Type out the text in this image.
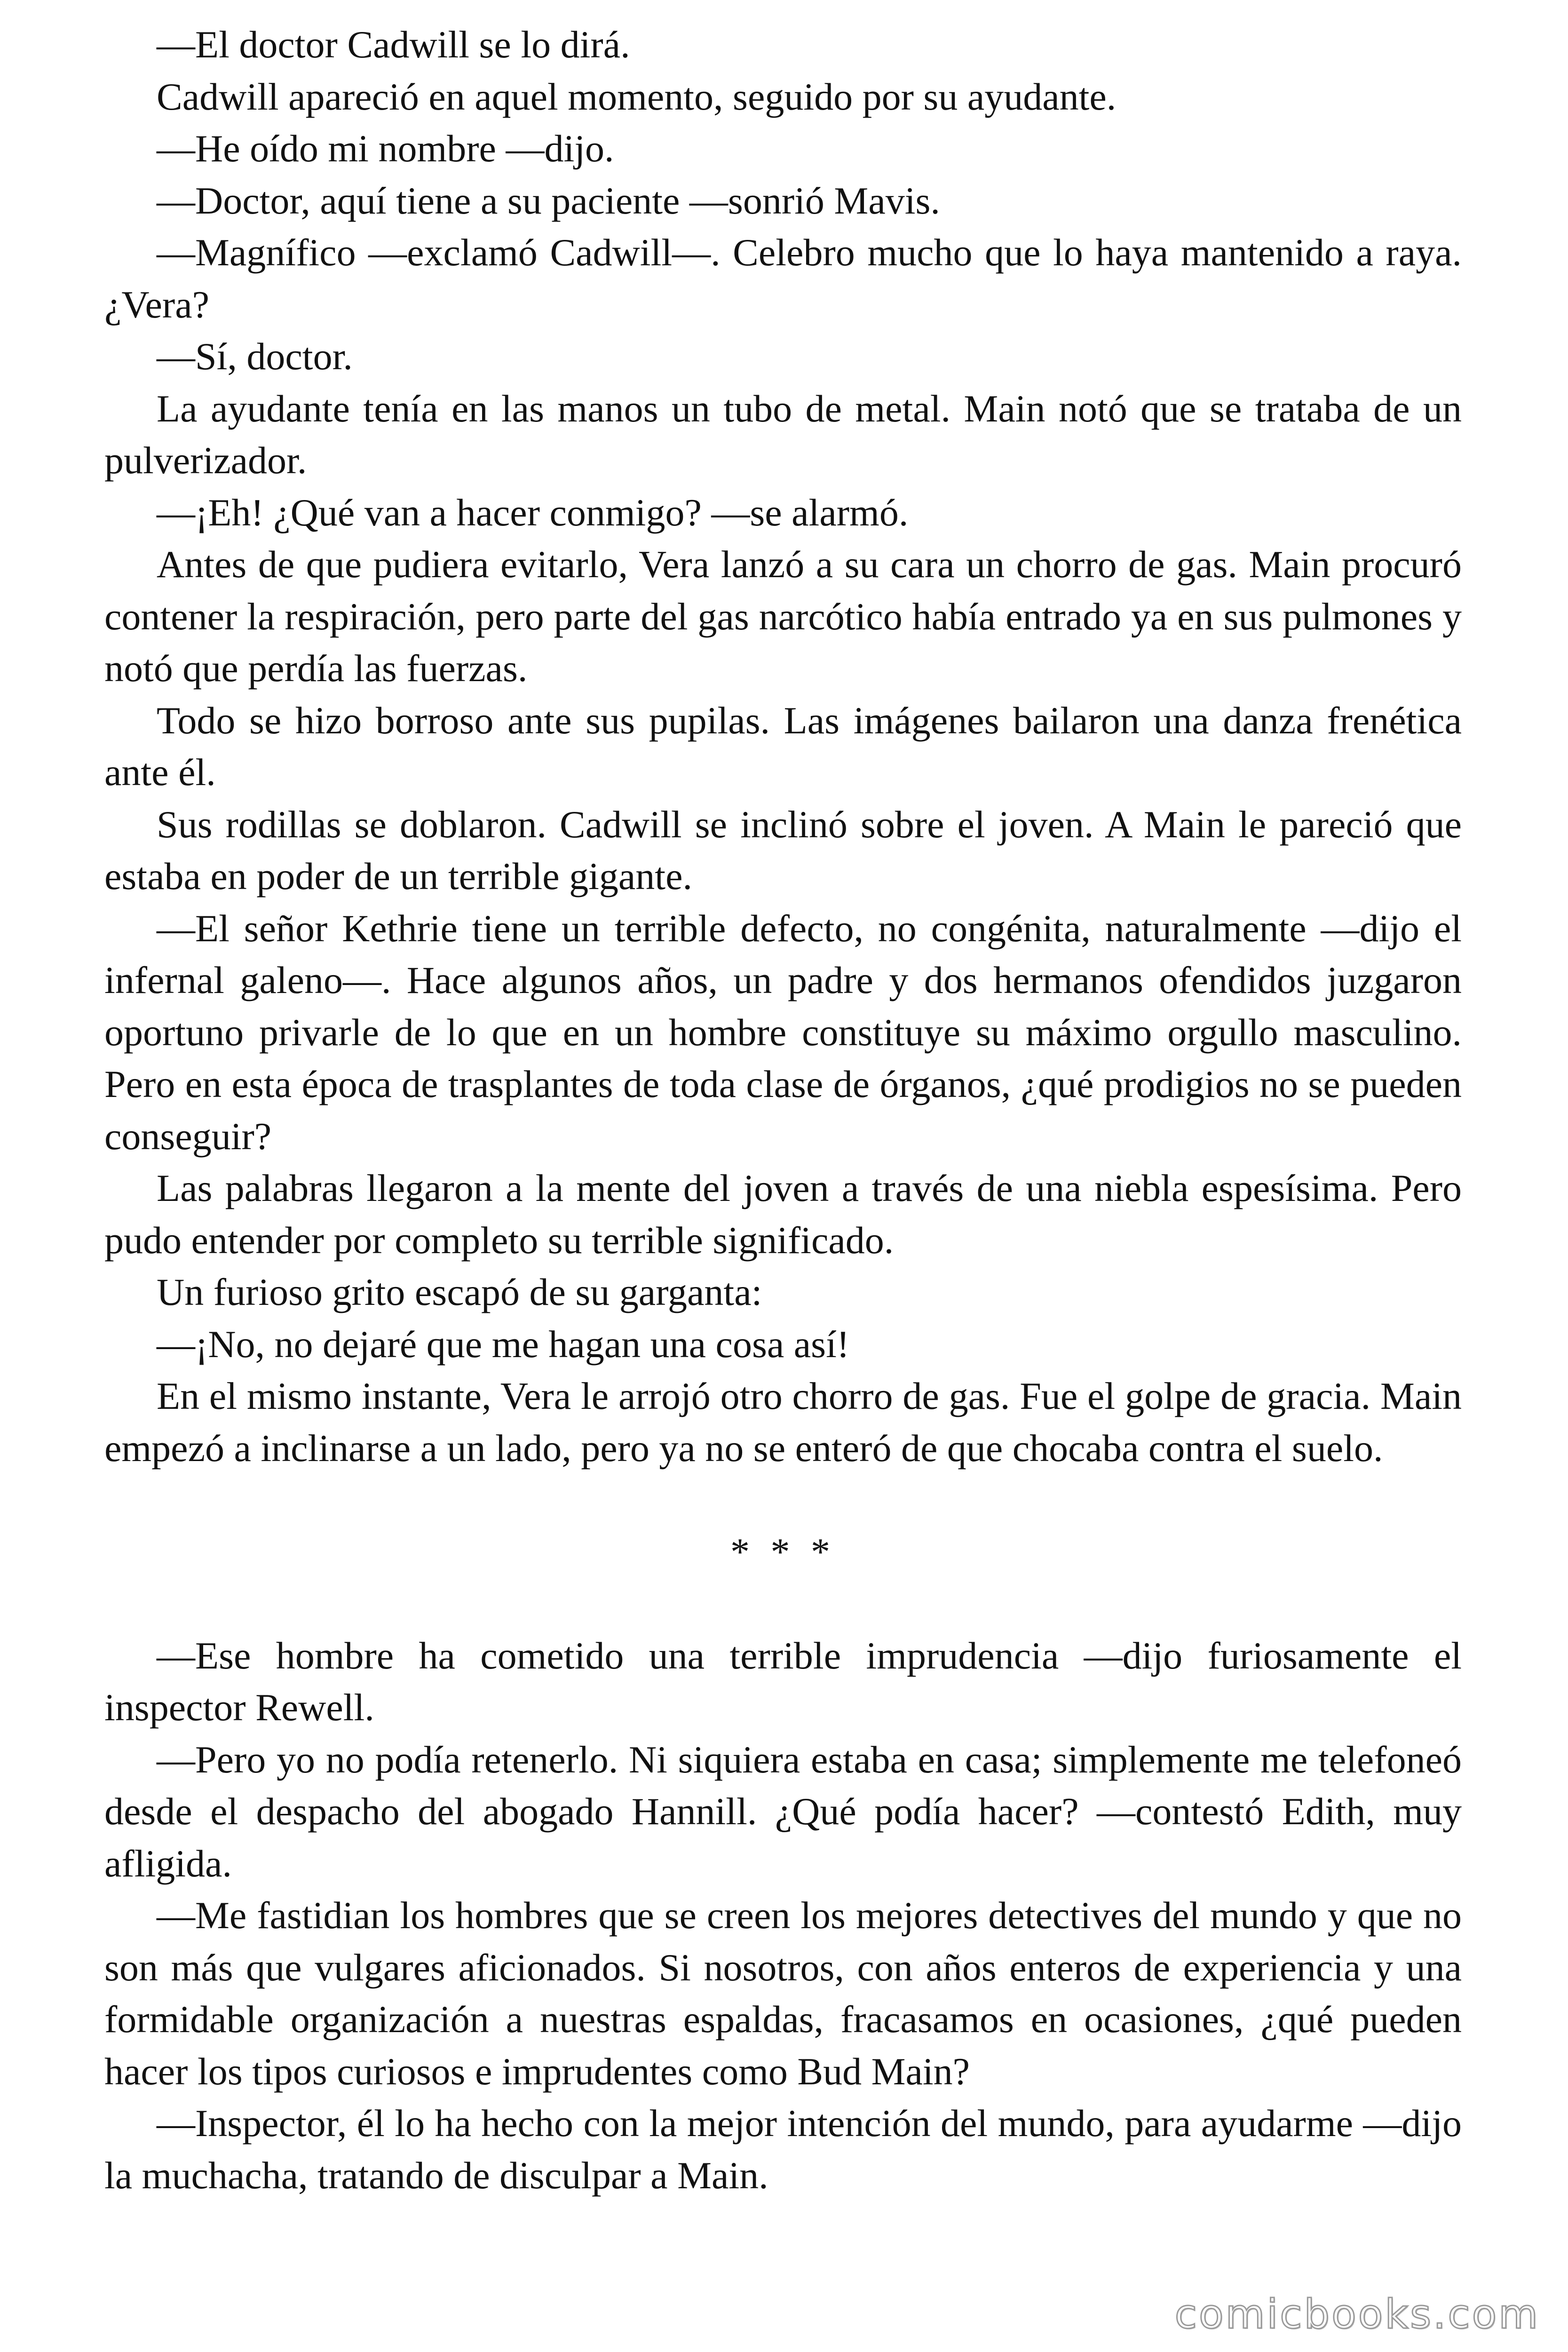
—El doctor Cadwill se lo dirá.

Cadwill apareció en aquel momento, seguido por su ayudante.

—He oído mi nombre —dijo.

—Doctor, aquí tiene a su paciente —sonrió Mavis.

—Magnífico —exclamó Cadwill—. Celebro mucho que lo haya mantenido a raya. ¿Vera?

—Sí, doctor.

La ayudante tenía en las manos un tubo de metal. Main notó que se trataba de un pulverizador.

—¡Eh! ¿Qué van a hacer conmigo? —se alarmó.

Antes de que pudiera evitarlo, Vera lanzó a su cara un chorro de gas. Main procuró contener la respiración, pero parte del gas narcótico había entrado ya en sus pulmones y notó que perdía las fuerzas.

Todo se hizo borroso ante sus pupilas. Las imágenes bailaron una danza frenética ante él.

Sus rodillas se doblaron. Cadwill se inclinó sobre el joven. A Main le pareció que estaba en poder de un terrible gigante.

—El señor Kethrie tiene un terrible defecto, no congénita, naturalmente —dijo el infernal galeno—. Hace algunos años, un padre y dos hermanos ofendidos juzgaron oportuno privarle de lo que en un hombre constituye su máximo orgullo masculino. Pero en esta época de trasplantes de toda clase de órganos, ¿qué prodigios no se pueden conseguir?

Las palabras llegaron a la mente del joven a través de una niebla espesísima. Pero pudo entender por completo su terrible significado.

Un furioso grito escapó de su garganta:

—¡No, no dejaré que me hagan una cosa así!

En el mismo instante, Vera le arrojó otro chorro de gas. Fue el golpe de gracia. Main empezó a inclinarse a un lado, pero ya no se enteró de que chocaba contra el suelo.

* * *

—Ese hombre ha cometido una terrible imprudencia —dijo furiosamente el inspector Rewell.

—Pero yo no podía retenerlo. Ni siquiera estaba en casa; simplemente me telefoneó desde el despacho del abogado Hannill. ¿Qué podía hacer? —contestó Edith, muy afligida.

—Me fastidian los hombres que se creen los mejores detectives del mundo y que no son más que vulgares aficionados. Si nosotros, con años enteros de experiencia y una formidable organización a nuestras espaldas, fracasamos en ocasiones, ¿qué pueden hacer los tipos curiosos e imprudentes como Bud Main?

—Inspector, él lo ha hecho con la mejor intención del mundo, para ayudarme —dijo la muchacha, tratando de disculpar a Main.

comicbooks.com
